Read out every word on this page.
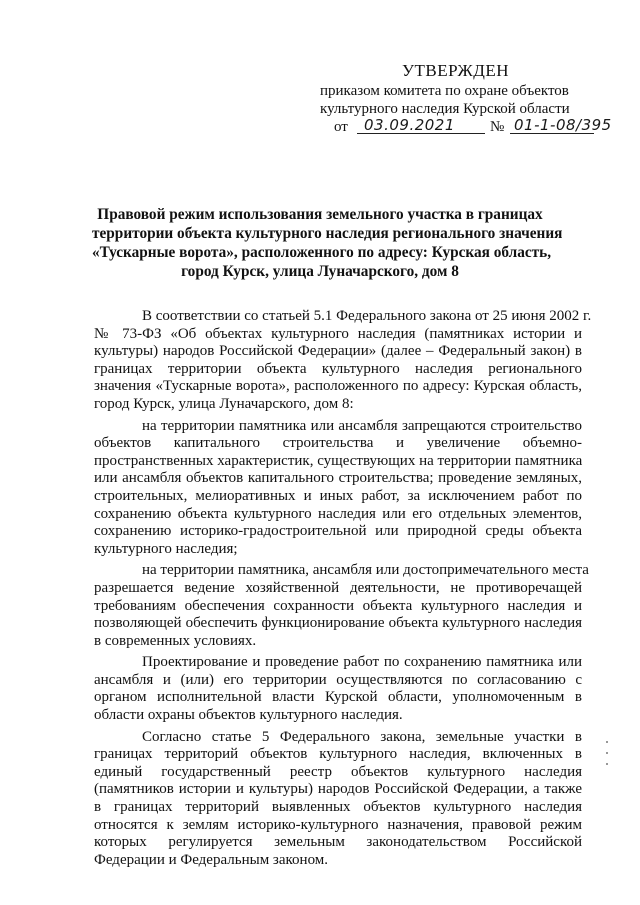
УТВЕРЖДЕН
приказом комитета по охране объектов
культурного наследия Курской области
от 03.09.2021 № 01-1-08/395
Правовой режим использования земельного участка в границах
территории объекта культурного наследия регионального значения
«Тускарные ворота», расположенного по адресу: Курская область,
город Курск, улица Луначарского, дом 8
В соответствии со статьей 5.1 Федерального закона от 25 июня 2002 г.
№ 73-ФЗ «Об объектах культурного наследия (памятниках истории и
культуры) народов Российской Федерации» (далее – Федеральный закон) в
границах территории объекта культурного наследия регионального
значения «Тускарные ворота», расположенного по адресу: Курская область,
город Курск, улица Луначарского, дом 8:
на территории памятника или ансамбля запрещаются строительство
объектов капитального строительства и увеличение объемно-
пространственных характеристик, существующих на территории памятника
или ансамбля объектов капитального строительства; проведение земляных,
строительных, мелиоративных и иных работ, за исключением работ по
сохранению объекта культурного наследия или его отдельных элементов,
сохранению историко-градостроительной или природной среды объекта
культурного наследия;
на территории памятника, ансамбля или достопримечательного места
разрешается ведение хозяйственной деятельности, не противоречащей
требованиям обеспечения сохранности объекта культурного наследия и
позволяющей обеспечить функционирование объекта культурного наследия
в современных условиях.
Проектирование и проведение работ по сохранению памятника или
ансамбля и (или) его территории осуществляются по согласованию с
органом исполнительной власти Курской области, уполномоченным в
области охраны объектов культурного наследия.
Согласно статье 5 Федерального закона, земельные участки в
границах территорий объектов культурного наследия, включенных в
единый государственный реестр объектов культурного наследия
(памятников истории и культуры) народов Российской Федерации, а также
в границах территорий выявленных объектов культурного наследия
относятся к землям историко-культурного назначения, правовой режим
которых регулируется земельным законодательством Российской
Федерации и Федеральным законом.
